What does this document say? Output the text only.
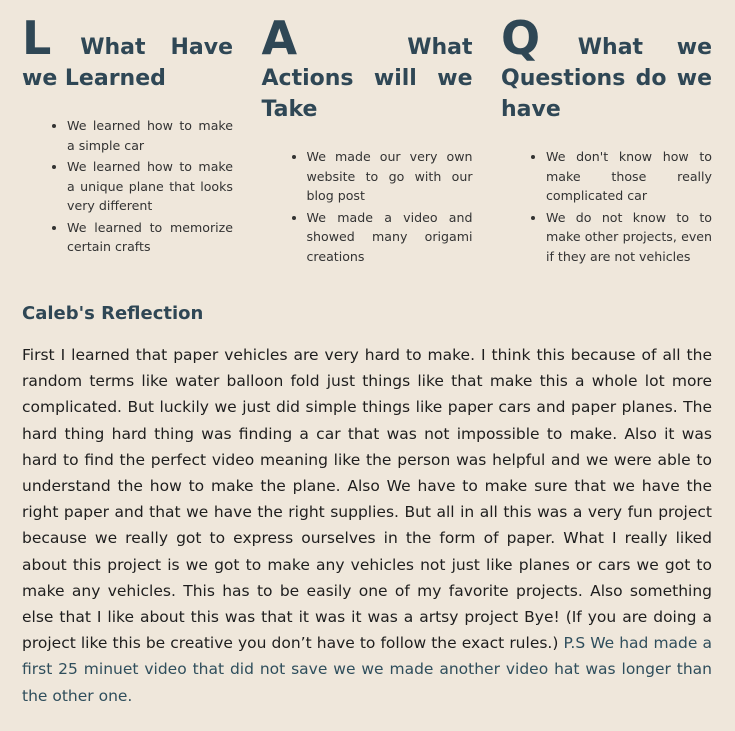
L What Have we Learned
• We learned how to make a simple car
• We learned how to make a unique plane that looks very different
• We learned to memorize certain crafts
A	What Actions will we Take
• We made our very own website to go with our blog post
• We made a video and showed many origami creations
Q What we Questions do we have
• We don't know how to make those really complicated car
• We do not know to to make other projects, even if they are not vehicles
Caleb's Reflection

First I learned that paper vehicles are very hard to make. I think this because of all the random terms like water balloon fold just things like that make this a whole lot more complicated. But luckily we just did simple things like paper cars and paper planes. The hard thing hard thing was finding a car that was not impossible to make. Also it was hard to find the perfect video meaning like the person was helpful and we were able to understand the how to make the plane. Also We have to make sure that we have the right paper and that we have the right supplies. But all in all this was a very fun project because we really got to express ourselves in the form of paper. What I really liked about this project is we got to make any vehicles not just like planes or cars we got to make any vehicles. This has to be easily one of my favorite projects. Also something else that I like about this was that it was it was a artsy project Bye! (If you are doing a project like this be creative you don’t have to follow the exact rules.) P.S We had made a first 25 minuet video that did not save we we made another video hat was longer than the other one.
